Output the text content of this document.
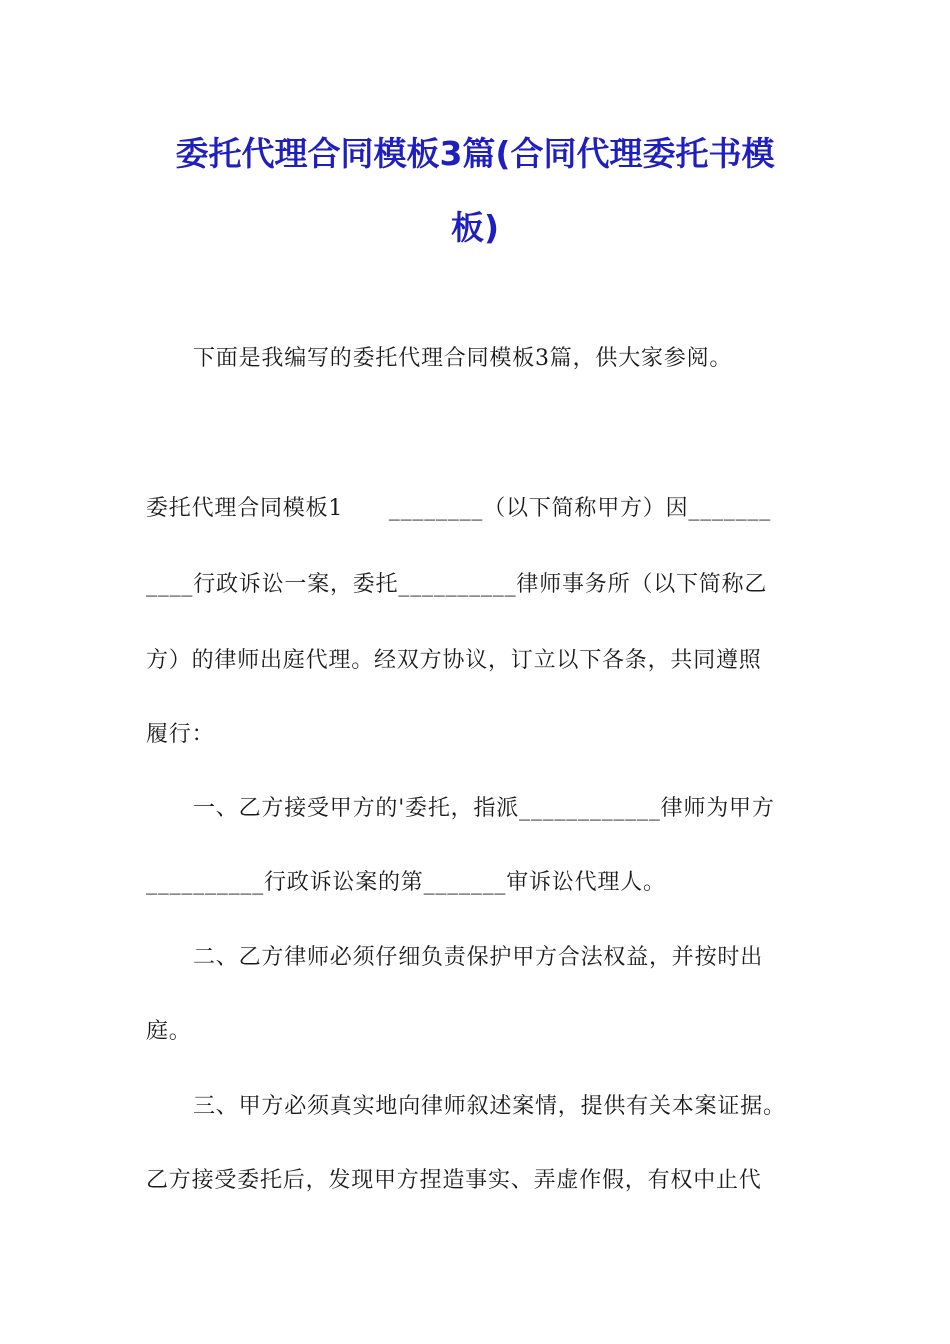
委托代理合同模板3篇(合同代理委托书模
板)

下面是我编写的委托代理合同模板3篇，供大家参阅。

委托代理合同模板1　　________（以下简称甲方）因_______

____行政诉讼一案，委托__________律师事务所（以下简称乙

方）的律师出庭代理。经双方协议，订立以下各条，共同遵照

履行：

一、乙方接受甲方的'委托，指派____________律师为甲方

__________行政诉讼案的第_______审诉讼代理人。

二、乙方律师必须仔细负责保护甲方合法权益，并按时出

庭。

三、甲方必须真实地向律师叙述案情，提供有关本案证据。

乙方接受委托后，发现甲方捏造事实、弄虚作假，有权中止代
